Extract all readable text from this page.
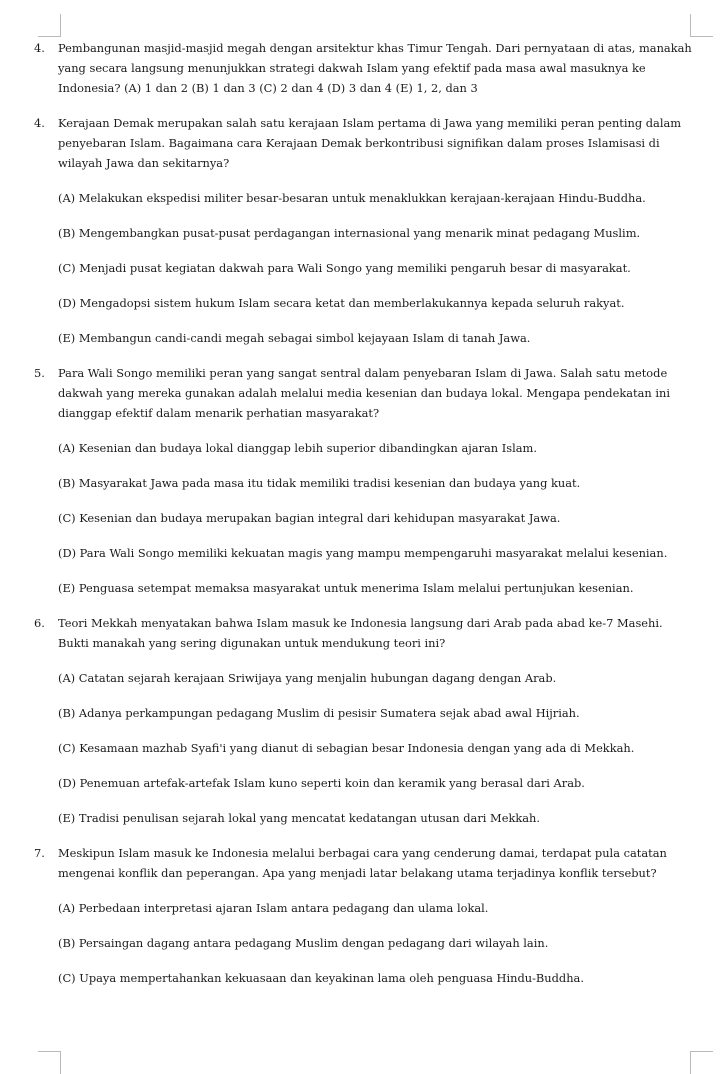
4.	Pembangunan masjid-masjid megah dengan arsitektur khas Timur Tengah. Dari pernyataan di atas, manakah yang secara langsung menunjukkan strategi dakwah Islam yang efektif pada masa awal masuknya ke Indonesia? (A) 1 dan 2 (B) 1 dan 3 (C) 2 dan 4 (D) 3 dan 4 (E) 1, 2, dan 3
4.	Kerajaan Demak merupakan salah satu kerajaan Islam pertama di Jawa yang memiliki peran penting dalam penyebaran Islam. Bagaimana cara Kerajaan Demak berkontribusi signifikan dalam proses Islamisasi di wilayah Jawa dan sekitarnya?

(A) Melakukan ekspedisi militer besar-besaran untuk menaklukkan kerajaan-kerajaan Hindu-Buddha.

(B) Mengembangkan pusat-pusat perdagangan internasional yang menarik minat pedagang Muslim.

(C) Menjadi pusat kegiatan dakwah para Wali Songo yang memiliki pengaruh besar di masyarakat.

(D) Mengadopsi sistem hukum Islam secara ketat dan memberlakukannya kepada seluruh rakyat.

(E) Membangun candi-candi megah sebagai simbol kejayaan Islam di tanah Jawa.

5.	Para Wali Songo memiliki peran yang sangat sentral dalam penyebaran Islam di Jawa. Salah satu metode dakwah yang mereka gunakan adalah melalui media kesenian dan budaya lokal. Mengapa pendekatan ini dianggap efektif dalam menarik perhatian masyarakat?

(A) Kesenian dan budaya lokal dianggap lebih superior dibandingkan ajaran Islam.

(B) Masyarakat Jawa pada masa itu tidak memiliki tradisi kesenian dan budaya yang kuat.

(C) Kesenian dan budaya merupakan bagian integral dari kehidupan masyarakat Jawa.

(D) Para Wali Songo memiliki kekuatan magis yang mampu mempengaruhi masyarakat melalui kesenian.

(E) Penguasa setempat memaksa masyarakat untuk menerima Islam melalui pertunjukan kesenian.

6.	Teori Mekkah menyatakan bahwa Islam masuk ke Indonesia langsung dari Arab pada abad ke-7 Masehi. Bukti manakah yang sering digunakan untuk mendukung teori ini?

(A) Catatan sejarah kerajaan Sriwijaya yang menjalin hubungan dagang dengan Arab.

(B) Adanya perkampungan pedagang Muslim di pesisir Sumatera sejak abad awal Hijriah.

(C) Kesamaan mazhab Syafi'i yang dianut di sebagian besar Indonesia dengan yang ada di Mekkah.

(D) Penemuan artefak-artefak Islam kuno seperti koin dan keramik yang berasal dari Arab.

(E) Tradisi penulisan sejarah lokal yang mencatat kedatangan utusan dari Mekkah.

7.	Meskipun Islam masuk ke Indonesia melalui berbagai cara yang cenderung damai, terdapat pula catatan mengenai konflik dan peperangan. Apa yang menjadi latar belakang utama terjadinya konflik tersebut?

(A) Perbedaan interpretasi ajaran Islam antara pedagang dan ulama lokal.

(B) Persaingan dagang antara pedagang Muslim dengan pedagang dari wilayah lain.

(C) Upaya mempertahankan kekuasaan dan keyakinan lama oleh penguasa Hindu-Buddha.
